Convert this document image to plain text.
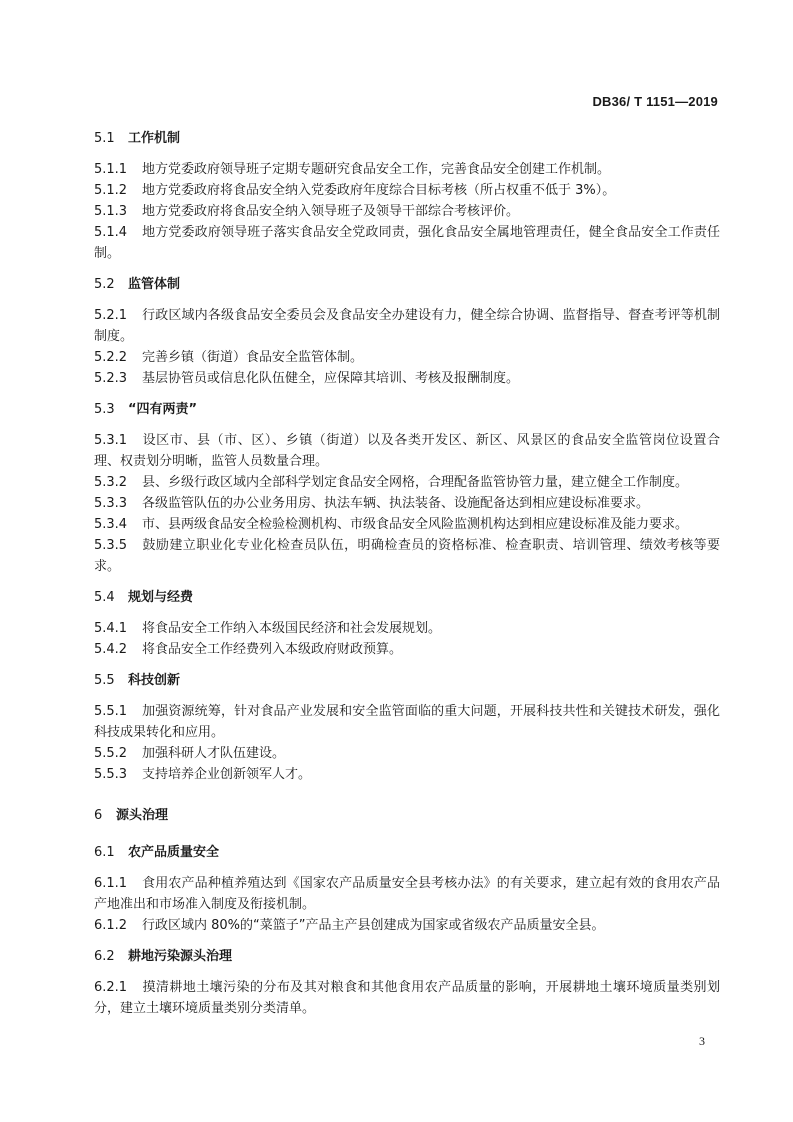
DB36/ T 1151—2019

5.1 工作机制

5.1.1 地方党委政府领导班子定期专题研究食品安全工作，完善食品安全创建工作机制。

5.1.2 地方党委政府将食品安全纳入党委政府年度综合目标考核（所占权重不低于 3%）。

5.1.3 地方党委政府将食品安全纳入领导班子及领导干部综合考核评价。

5.1.4 地方党委政府领导班子落实食品安全党政同责，强化食品安全属地管理责任，健全食品安全工作责任制。

5.2 监管体制

5.2.1 行政区域内各级食品安全委员会及食品安全办建设有力，健全综合协调、监督指导、督查考评等机制制度。

5.2.2 完善乡镇（街道）食品安全监管体制。

5.2.3 基层协管员或信息化队伍健全，应保障其培训、考核及报酬制度。

5.3 “四有两责”

5.3.1 设区市、县（市、区）、乡镇（街道）以及各类开发区、新区、风景区的食品安全监管岗位设置合理、权责划分明晰，监管人员数量合理。

5.3.2 县、乡级行政区域内全部科学划定食品安全网格，合理配备监管协管力量，建立健全工作制度。

5.3.3 各级监管队伍的办公业务用房、执法车辆、执法装备、设施配备达到相应建设标准要求。

5.3.4 市、县两级食品安全检验检测机构、市级食品安全风险监测机构达到相应建设标准及能力要求。

5.3.5 鼓励建立职业化专业化检查员队伍，明确检查员的资格标准、检查职责、培训管理、绩效考核等要求。

5.4 规划与经费

5.4.1 将食品安全工作纳入本级国民经济和社会发展规划。

5.4.2 将食品安全工作经费列入本级政府财政预算。

5.5 科技创新

5.5.1 加强资源统筹，针对食品产业发展和安全监管面临的重大问题，开展科技共性和关键技术研发，强化科技成果转化和应用。

5.5.2 加强科研人才队伍建设。

5.5.3 支持培养企业创新领军人才。

6 源头治理

6.1 农产品质量安全

6.1.1 食用农产品种植养殖达到《国家农产品质量安全县考核办法》的有关要求，建立起有效的食用农产品产地准出和市场准入制度及衔接机制。

6.1.2 行政区域内 80%的“菜篮子”产品主产县创建成为国家或省级农产品质量安全县。

6.2 耕地污染源头治理

6.2.1 摸清耕地土壤污染的分布及其对粮食和其他食用农产品质量的影响，开展耕地土壤环境质量类别划分，建立土壤环境质量类别分类清单。

3
